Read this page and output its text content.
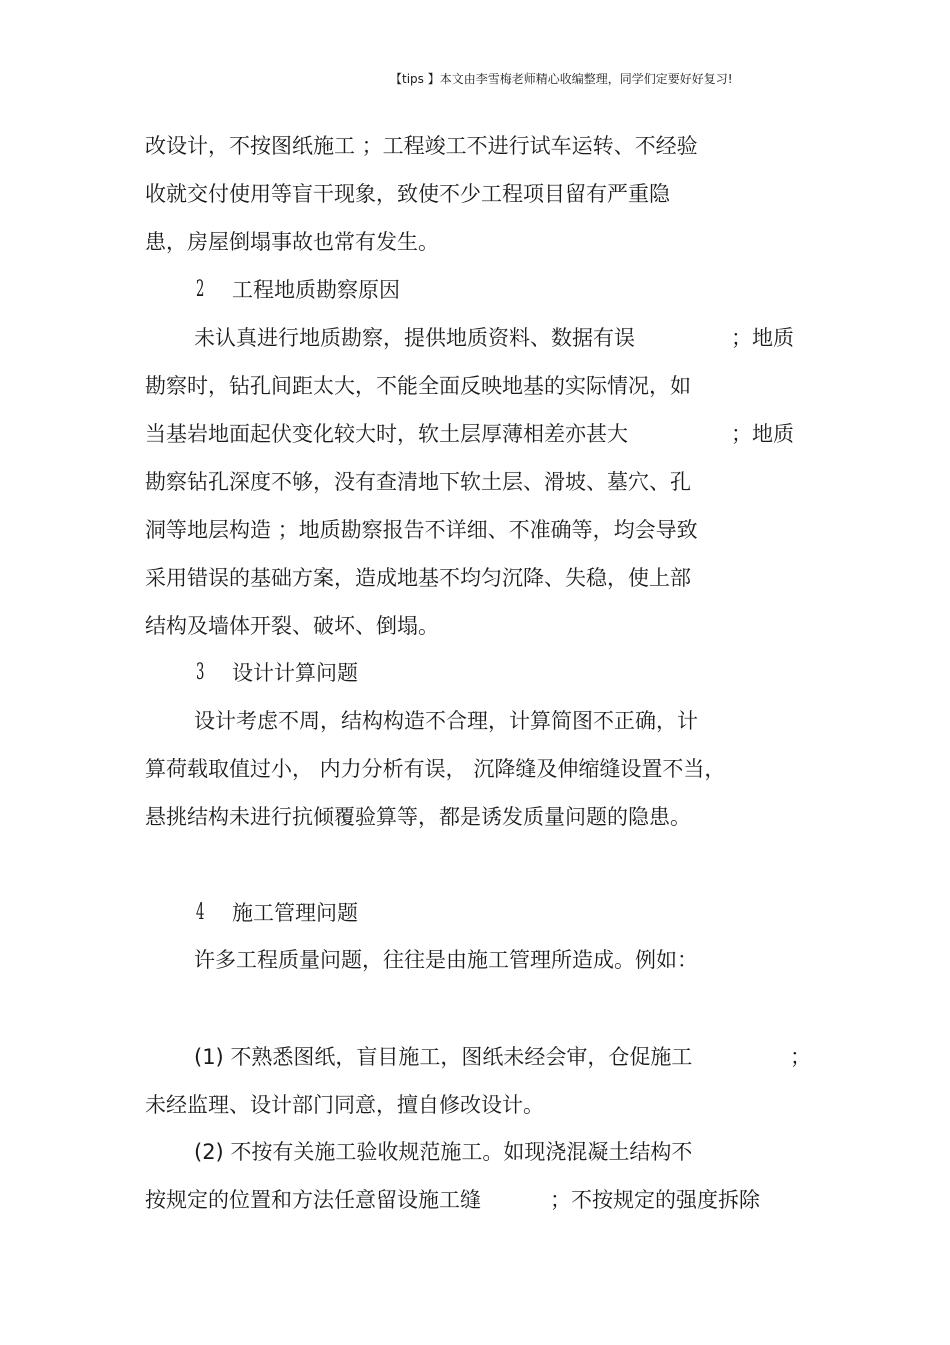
【tips 】本文由李雪梅老师精心收编整理，同学们定要好好复习!
改设计，不按图纸施工 ；工程竣工不进行试车运转、不经验
收就交付使用等盲干现象，致使不少工程项目留有严重隐
患，房屋倒塌事故也常有发生。
2 工程地质勘察原因
未认真进行地质勘察，提供地质资料、数据有误	；地质
勘察时，钻孔间距太大，不能全面反映地基的实际情况，如
当基岩地面起伏变化较大时，软土层厚薄相差亦甚大	；地质
勘察钻孔深度不够，没有查清地下软土层、滑坡、墓穴、孔
洞等地层构造 ；地质勘察报告不详细、不准确等，均会导致
采用错误的基础方案，造成地基不均匀沉降、失稳，使上部
结构及墙体开裂、破坏、倒塌。
3 设计计算问题
设计考虑不周，结构构造不合理，计算简图不正确，计
算荷载取值过小， 内力分析有误， 沉降缝及伸缩缝设置不当，
悬挑结构未进行抗倾覆验算等，都是诱发质量问题的隐患。
4 施工管理问题
许多工程质量问题，往往是由施工管理所造成。例如：
(1) 不熟悉图纸，盲目施工，图纸未经会审，仓促施工	；
未经监理、设计部门同意，擅自修改设计。
(2) 不按有关施工验收规范施工。如现浇混凝土结构不
按规定的位置和方法任意留设施工缝	；不按规定的强度拆除
